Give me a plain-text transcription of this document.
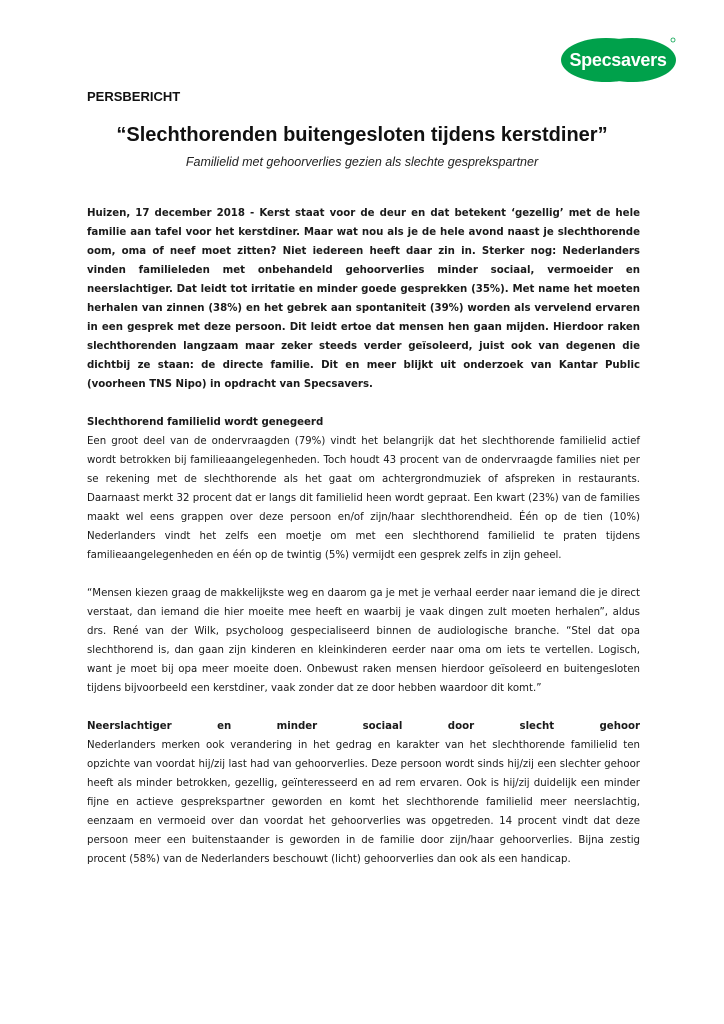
Specsavers
PERSBERICHT
“Slechthorenden buitengesloten tijdens kerstdiner”
Familielid met gehoorverlies gezien als slechte gesprekspartner

Huizen, 17 december 2018 - Kerst staat voor de deur en dat betekent ‘gezellig’ met de hele familie aan tafel voor het kerstdiner. Maar wat nou als je de hele avond naast je slechthorende oom, oma of neef moet zitten? Niet iedereen heeft daar zin in. Sterker nog: Nederlanders vinden familieleden met onbehandeld gehoorverlies minder sociaal, vermoeider en neerslachtiger. Dat leidt tot irritatie en minder goede gesprekken (35%). Met name het moeten herhalen van zinnen (38%) en het gebrek aan spontaniteit (39%) worden als vervelend ervaren in een gesprek met deze persoon. Dit leidt ertoe dat mensen hen gaan mijden. Hierdoor raken slechthorenden langzaam maar zeker steeds verder geïsoleerd, juist ook van degenen die dichtbij ze staan: de directe familie. Dit en meer blijkt uit onderzoek van Kantar Public (voorheen TNS Nipo) in opdracht van Specsavers.

Slechthorend familielid wordt genegeerd

Een groot deel van de ondervraagden (79%) vindt het belangrijk dat het slechthorende familielid actief wordt betrokken bij familieaangelegenheden. Toch houdt 43 procent van de ondervraagde families niet per se rekening met de slechthorende als het gaat om achtergrondmuziek of afspreken in restaurants. Daarnaast merkt 32 procent dat er langs dit familielid heen wordt gepraat. Een kwart (23%) van de families maakt wel eens grappen over deze persoon en/of zijn/haar slechthorendheid. Één op de tien (10%) Nederlanders vindt het zelfs een moetje om met een slechthorend familielid te praten tijdens familieaangelegenheden en één op de twintig (5%) vermijdt een gesprek zelfs in zijn geheel.

“Mensen kiezen graag de makkelijkste weg en daarom ga je met je verhaal eerder naar iemand die je direct verstaat, dan iemand die hier moeite mee heeft en waarbij je vaak dingen zult moeten herhalen”, aldus drs. René van der Wilk, psycholoog gespecialiseerd binnen de audiologische branche. “Stel dat opa slechthorend is, dan gaan zijn kinderen en kleinkinderen eerder naar oma om iets te vertellen. Logisch, want je moet bij opa meer moeite doen. Onbewust raken mensen hierdoor geïsoleerd en buitengesloten tijdens bijvoorbeeld een kerstdiner, vaak zonder dat ze door hebben waardoor dit komt.”

Neerslachtiger	en	minder	sociaal	door	slecht	gehoor

Nederlanders merken ook verandering in het gedrag en karakter van het slechthorende familielid ten opzichte van voordat hij/zij last had van gehoorverlies. Deze persoon wordt sinds hij/zij een slechter gehoor heeft als minder betrokken, gezellig, geïnteresseerd en ad rem ervaren. Ook is hij/zij duidelijk een minder fijne en actieve gesprekspartner geworden en komt het slechthorende familielid meer neerslachtig, eenzaam en vermoeid over dan voordat het gehoorverlies was opgetreden. 14 procent vindt dat deze persoon meer een buitenstaander is geworden in de familie door zijn/haar gehoorverlies. Bijna zestig procent (58%) van de Nederlanders beschouwt (licht) gehoorverlies dan ook als een handicap.
